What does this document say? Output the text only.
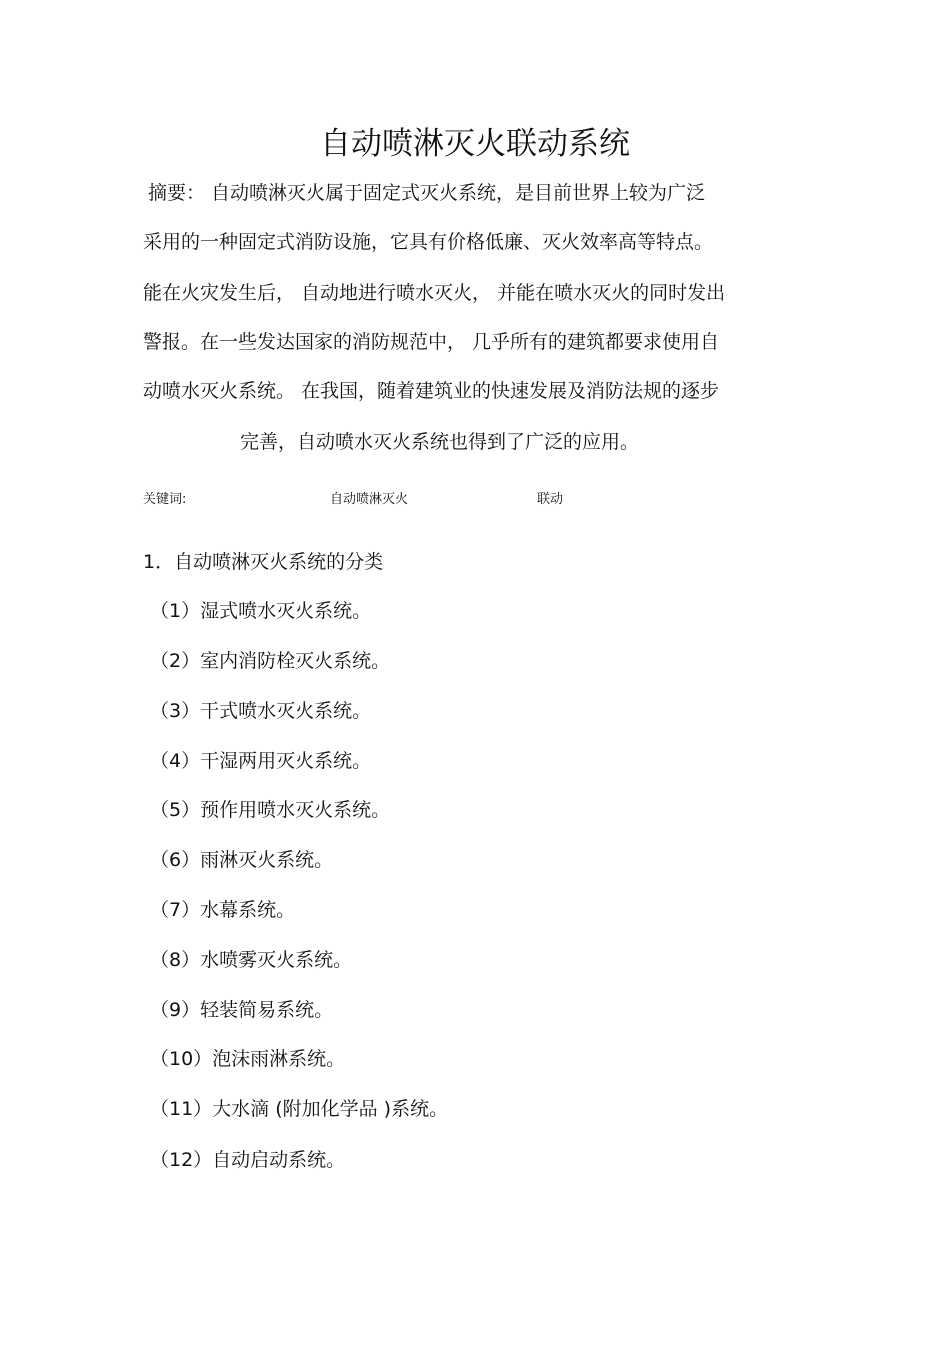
自动喷淋灭火联动系统
摘要： 自动喷淋灭火属于固定式灭火系统，是目前世界上较为广泛
采用的一种固定式消防设施，它具有价格低廉、灭火效率高等特点。
能在火灾发生后， 自动地进行喷水灭火， 并能在喷水灭火的同时发出
警报。在一些发达国家的消防规范中， 几乎所有的建筑都要求使用自
动喷水灭火系统。 在我国，随着建筑业的快速发展及消防法规的逐步
完善，自动喷水灭火系统也得到了广泛的应用。
关键词:	自动喷淋灭火	联动
1．自动喷淋灭火系统的分类
（1）湿式喷水灭火系统。
（2）室内消防栓灭火系统。
（3）干式喷水灭火系统。
（4）干湿两用灭火系统。
（5）预作用喷水灭火系统。
（6）雨淋灭火系统。
（7）水幕系统。
（8）水喷雾灭火系统。
（9）轻装简易系统。
（10）泡沫雨淋系统。
（11）大水滴 (附加化学品 )系统。
（12）自动启动系统。
